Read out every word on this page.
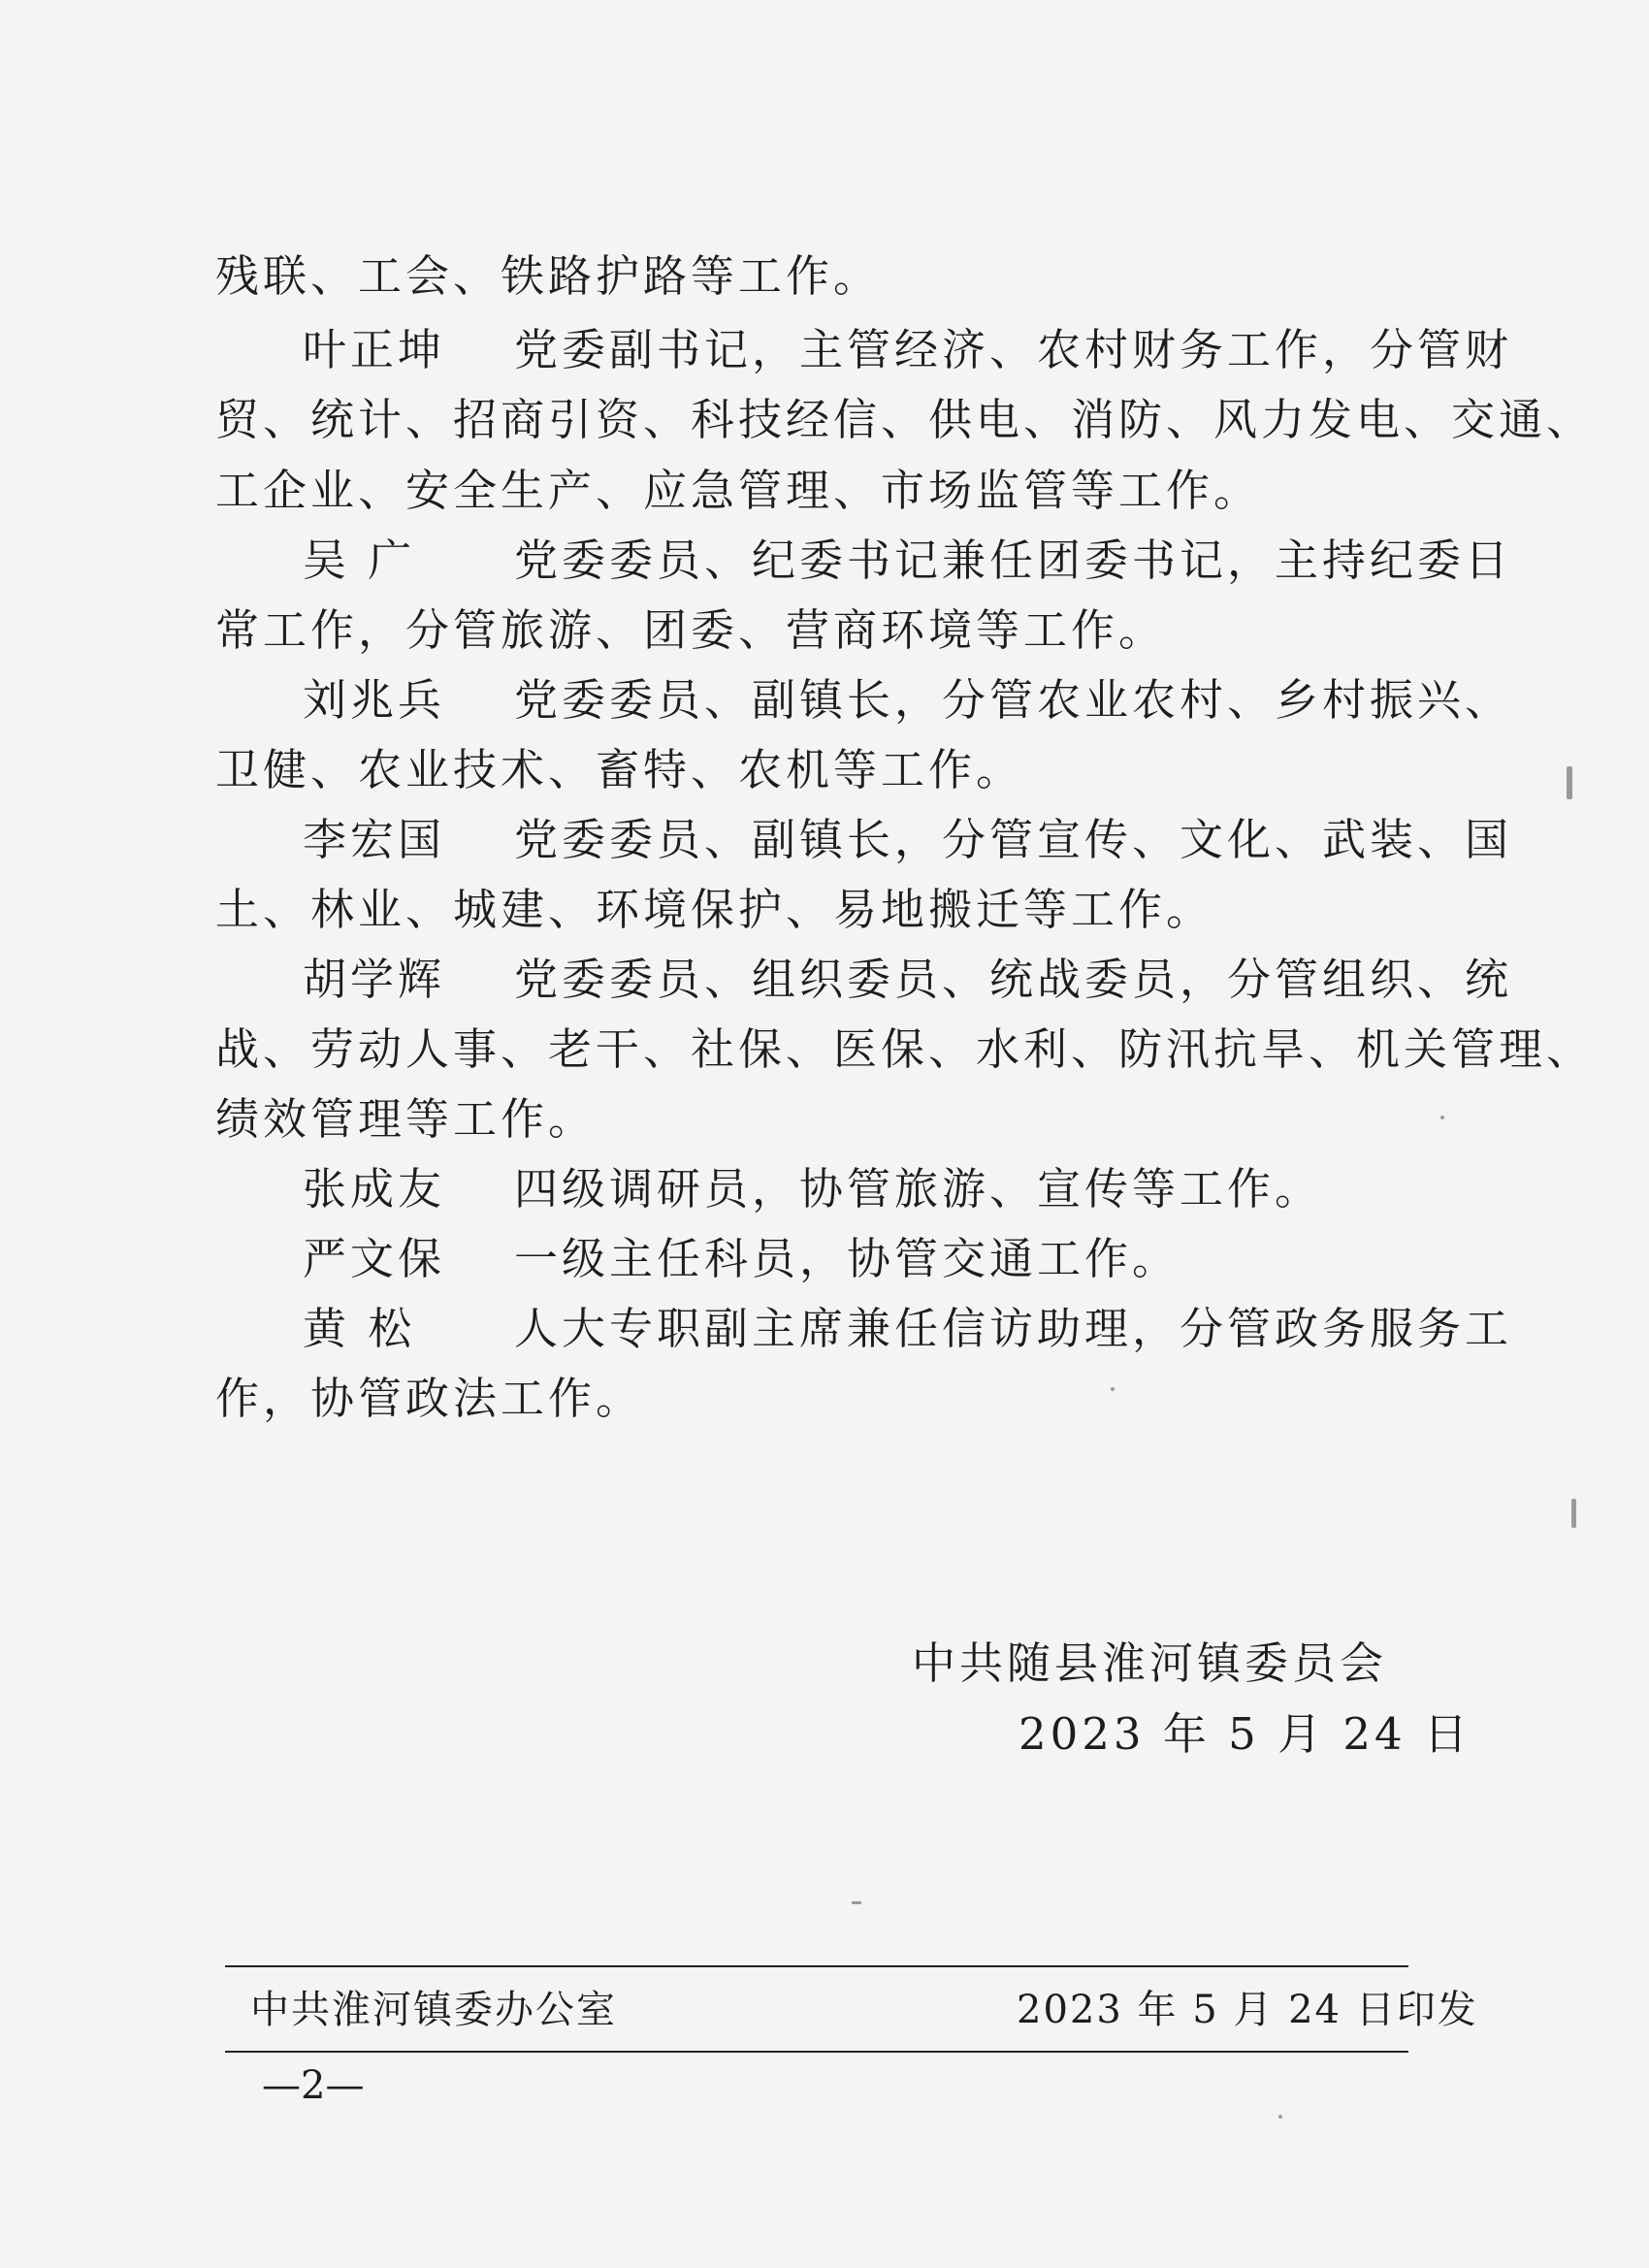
残联、工会、铁路护路等工作。
叶正坤 党委副书记，主管经济、农村财务工作，分管财
贸、统计、招商引资、科技经信、供电、消防、风力发电、交通、
工企业、安全生产、应急管理、市场监管等工作。
吴 广 党委委员、纪委书记兼任团委书记，主持纪委日
常工作，分管旅游、团委、营商环境等工作。
刘兆兵 党委委员、副镇长，分管农业农村、乡村振兴、
卫健、农业技术、畜特、农机等工作。
李宏国 党委委员、副镇长，分管宣传、文化、武装、国
土、林业、城建、环境保护、易地搬迁等工作。
胡学辉 党委委员、组织委员、统战委员，分管组织、统
战、劳动人事、老干、社保、医保、水利、防汛抗旱、机关管理、
绩效管理等工作。
张成友 四级调研员，协管旅游、宣传等工作。
严文保 一级主任科员，协管交通工作。
黄 松 人大专职副主席兼任信访助理，分管政务服务工
作，协管政法工作。
中共随县淮河镇委员会
2023 年 5 月 24 日
中共淮河镇委办公室	2023 年 5 月 24 日印发
—2—
